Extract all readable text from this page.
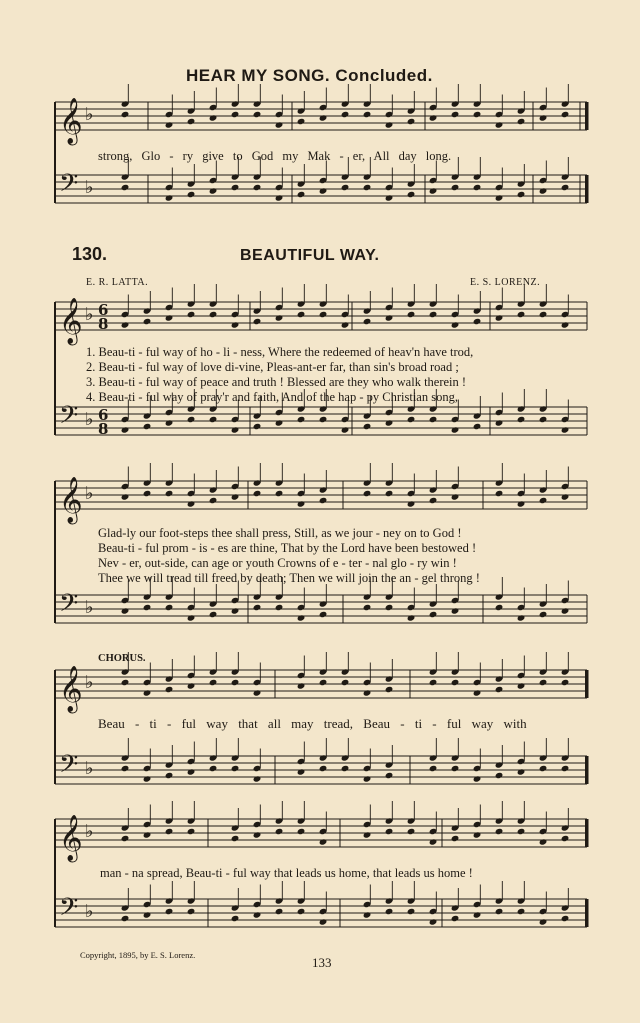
𝄞 ♭
𝄢 ♭
𝄞 ♭
𝄢 ♭
𝄞 ♭
𝄢 ♭
𝄞 ♭
𝄢 ♭
𝄞 ♭
𝄢 ♭
6
8
6
8
HEAR MY SONG. Concluded.
strong, Glo - ry give to God my Mak - er, All day long.
130.	BEAUTIFUL WAY.
E. R. LATTA.	E. S. LORENZ.
1. Beau-ti - ful way of ho - li - ness, Where the redeemed of heav'n have trod,
2. Beau-ti - ful way of love di-vine, Pleas-ant-er far, than sin's broad road ;
3. Beau-ti - ful way of peace and truth ! Blessed are they who walk therein !
4. Beau-ti - ful way of pray'r and faith, And of the hap - py Christian song,
Glad-ly our foot-steps thee shall press, Still, as we jour - ney on to God !
Beau-ti - ful prom - is - es are thine, That by the Lord have been bestowed !
Nev - er, out-side, can age or youth Crowns of e - ter - nal glo - ry win !
Thee we will tread till freed by death; Then we will join the an - gel throng !
CHORUS.
Beau - ti - ful way that all may tread, Beau - ti - ful way with
man - na spread, Beau-ti - ful way that leads us home, that leads us home !
Copyright, 1895, by E. S. Lorenz.	133
